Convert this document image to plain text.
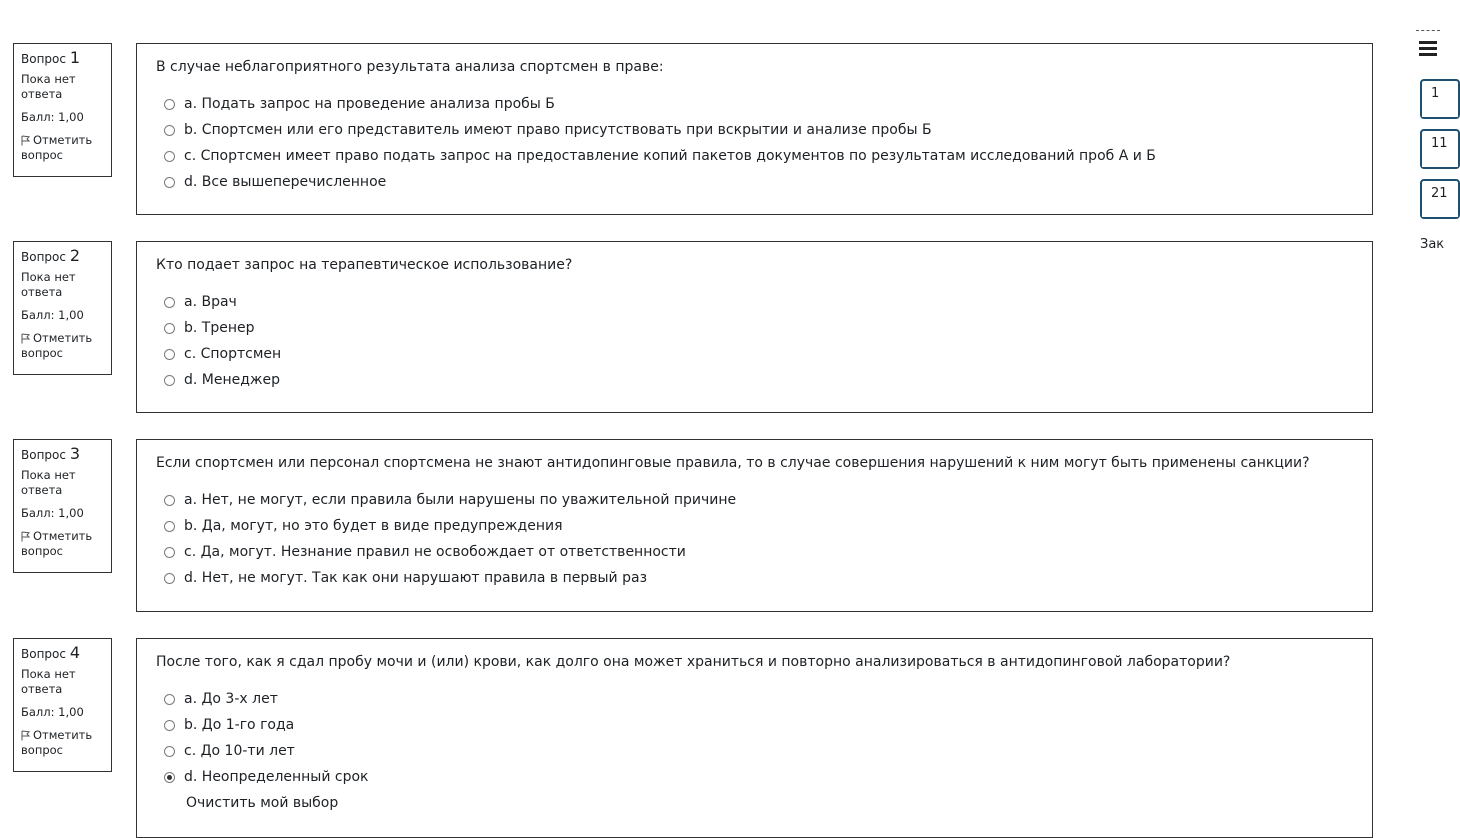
Вопрос 1
Пока нет ответа
Балл: 1,00
Отметить вопрос
В случае неблагоприятного результата анализа спортсмен в праве:
a. Подать запрос на проведение анализа пробы Б
b. Спортсмен или его представитель имеют право присутствовать при вскрытии и анализе пробы Б
c. Спортсмен имеет право подать запрос на предоставление копий пакетов документов по результатам исследований проб А и Б
d. Все вышеперечисленное
Вопрос 2
Пока нет ответа
Балл: 1,00
Отметить вопрос
Кто подает запрос на терапевтическое использование?
a. Врач
b. Тренер
c. Спортсмен
d. Менеджер
Вопрос 3
Пока нет ответа
Балл: 1,00
Отметить вопрос
Если спортсмен или персонал спортсмена не знают антидопинговые правила, то в случае совершения нарушений к ним могут быть применены санкции?
a. Нет, не могут, если правила были нарушены по уважительной причине
b. Да, могут, но это будет в виде предупреждения
c. Да, могут. Незнание правил не освобождает от ответственности
d. Нет, не могут. Так как они нарушают правила в первый раз
Вопрос 4
Пока нет ответа
Балл: 1,00
Отметить вопрос
После того, как я сдал пробу мочи и (или) крови, как долго она может храниться и повторно анализироваться в антидопинговой лаборатории?
a. До 3-х лет
b. До 1-го года
c. До 10-ти лет
d. Неопределенный срок
Очистить мой выбор
1
11
21
Зак
